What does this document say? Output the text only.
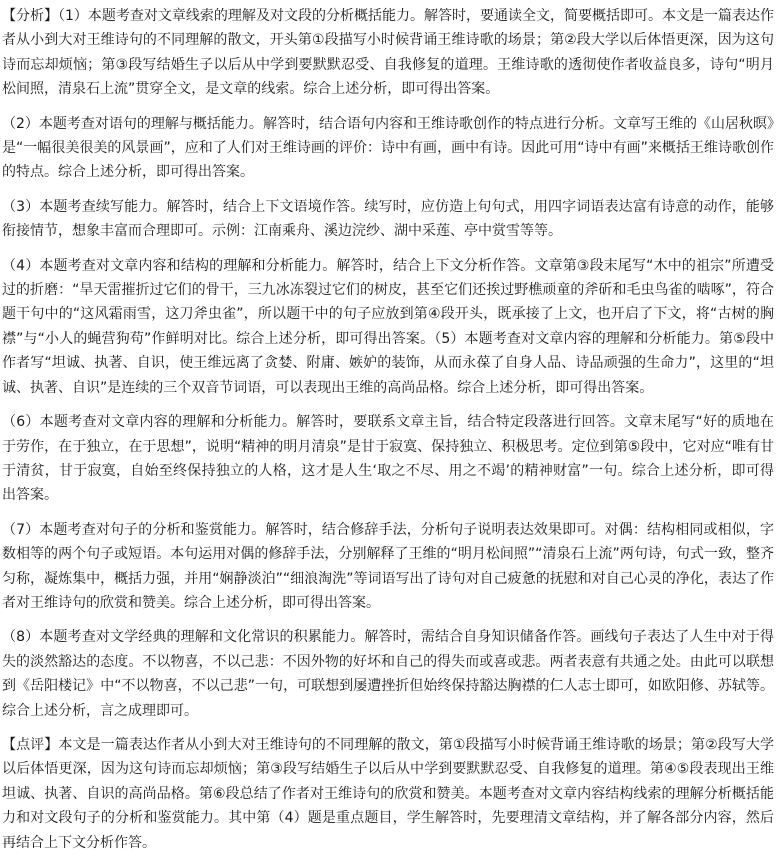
【分析】（1）本题考查对文章线索的理解及对文段的分析概括能力。解答时，要通读全文，简要概括即可。本文是一篇表达作者从小到大对王维诗句的不同理解的散文，开头第①段描写小时候背诵王维诗歌的场景；第②段大学以后体悟更深，因为这句诗而忘却烦恼；第③段写结婚生子以后从中学到要默默忍受、自我修复的道理。王维诗歌的透彻使作者收益良多，诗句“明月松间照，清泉石上流”贯穿全文，是文章的线索。综合上述分析，即可得出答案。

（2）本题考查对语句的理解与概括能力。解答时，结合语句内容和王维诗歌创作的特点进行分析。文章写王维的《山居秋暝》是“一幅很美很美的风景画”，应和了人们对王维诗画的评价：诗中有画，画中有诗。因此可用“诗中有画”来概括王维诗歌创作的特点。综合上述分析，即可得出答案。

（3）本题考查续写能力。解答时，结合上下文语境作答。续写时，应仿造上句句式，用四字词语表达富有诗意的动作，能够衔接情节，想象丰富而合理即可。示例：江南乘舟、溪边浣纱、湖中采莲、亭中赏雪等等。

（4）本题考查对文章内容和结构的理解和分析能力。解答时，结合上下文分析作答。文章第③段末尾写“木中的祖宗”所遭受过的折磨：“旱天雷摧折过它们的骨干，三九冰冻裂过它们的树皮，甚至它们还挨过野樵顽童的斧斫和毛虫鸟雀的啮啄”，符合题干句中的“这风霜雨雪，这刀斧虫雀”，所以题干中的句子应放到第④段开头，既承接了上文，也开启了下文，将“古树的胸襟”与“小人的蝇营狗苟”作鲜明对比。综合上述分析，即可得出答案。（5）本题考查对文章内容的理解和分析能力。第⑤段中作者写“坦诚、执著、自识，使王维远离了贪婪、附庸、嫉妒的装饰，从而永葆了自身人品、诗品顽强的生命力”，这里的“坦诚、执著、自识”是连续的三个双音节词语，可以表现出王维的高尚品格。综合上述分析，即可得出答案。

（6）本题考查对文章内容的理解和分析能力。解答时，要联系文章主旨，结合特定段落进行回答。文章末尾写“好的质地在于劳作，在于独立，在于思想”，说明“精神的明月清泉”是甘于寂寞、保持独立、积极思考。定位到第⑤段中，它对应“唯有甘于清贫，甘于寂寞，自始至终保持独立的人格，这才是人生‘取之不尽、用之不竭’的精神财富”一句。综合上述分析，即可得出答案。

（7）本题考查对句子的分析和鉴赏能力。解答时，结合修辞手法，分析句子说明表达效果即可。对偶：结构相同或相似，字数相等的两个句子或短语。本句运用对偶的修辞手法，分别解释了王维的“明月松间照”“清泉石上流”两句诗，句式一致，整齐匀称，凝炼集中，概括力强，并用“娴静淡泊”“细浪淘洗”等词语写出了诗句对自己疲惫的抚慰和对自己心灵的净化，表达了作者对王维诗句的欣赏和赞美。综合上述分析，即可得出答案。

（8）本题考查对文学经典的理解和文化常识的积累能力。解答时，需结合自身知识储备作答。画线句子表达了人生中对于得失的淡然豁达的态度。不以物喜，不以己悲：不因外物的好坏和自己的得失而或喜或悲。两者表意有共通之处。由此可以联想到《岳阳楼记》中“不以物喜，不以己悲”一句，可联想到屡遭挫折但始终保持豁达胸襟的仁人志士即可，如欧阳修、苏轼等。综合上述分析，言之成理即可。

【点评】本文是一篇表达作者从小到大对王维诗句的不同理解的散文，第①段描写小时候背诵王维诗歌的场景；第②段写大学以后体悟更深，因为这句诗而忘却烦恼；第③段写结婚生子以后从中学到要默默忍受、自我修复的道理。第④⑤段表现出王维坦诚、执著、自识的高尚品格。第⑥段总结了作者对王维诗句的欣赏和赞美。本题考查对文章内容结构线索的理解分析概括能力和对文段句子的分析和鉴赏能力。其中第（4）题是重点题目，学生解答时，先要理清文章结构，并了解各部分内容，然后再结合上下文分析作答。
